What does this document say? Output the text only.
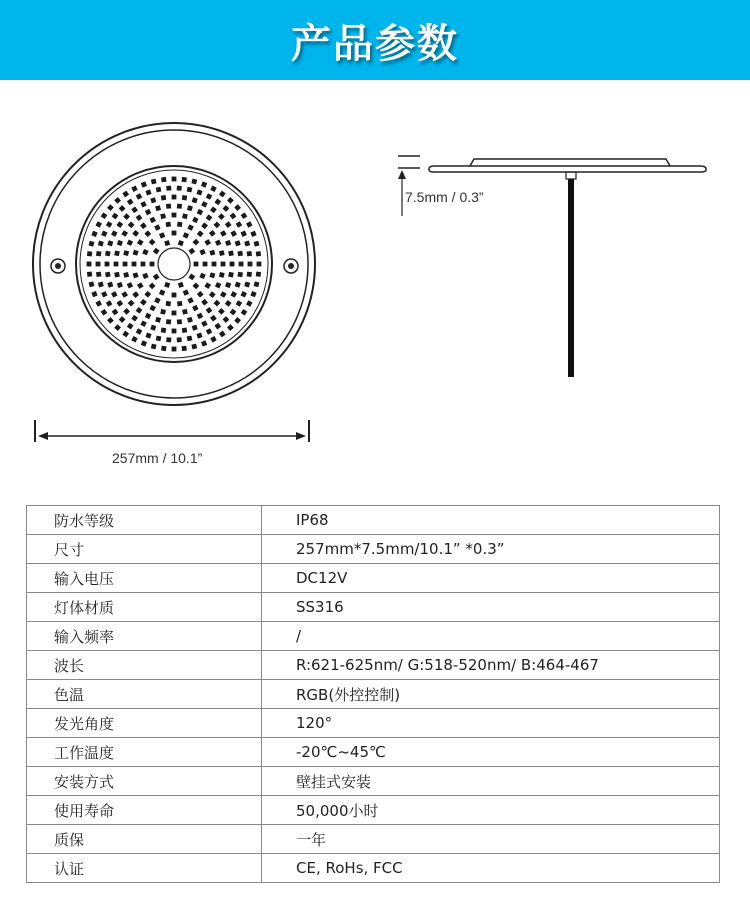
产品参数
257mm / 10.1”
7.5mm / 0.3”
防水等级	IP68
尺寸	257mm*7.5mm/10.1” *0.3”
输入电压	DC12V
灯体材质	SS316
输入频率	/
波长	R:621-625nm/ G:518-520nm/ B:464-467
色温	RGB(外控控制)
发光角度	120°
工作温度	-20℃~45℃
安装方式	壁挂式安装
使用寿命	50,000小时
质保	一年
认证	CE, RoHs, FCC
